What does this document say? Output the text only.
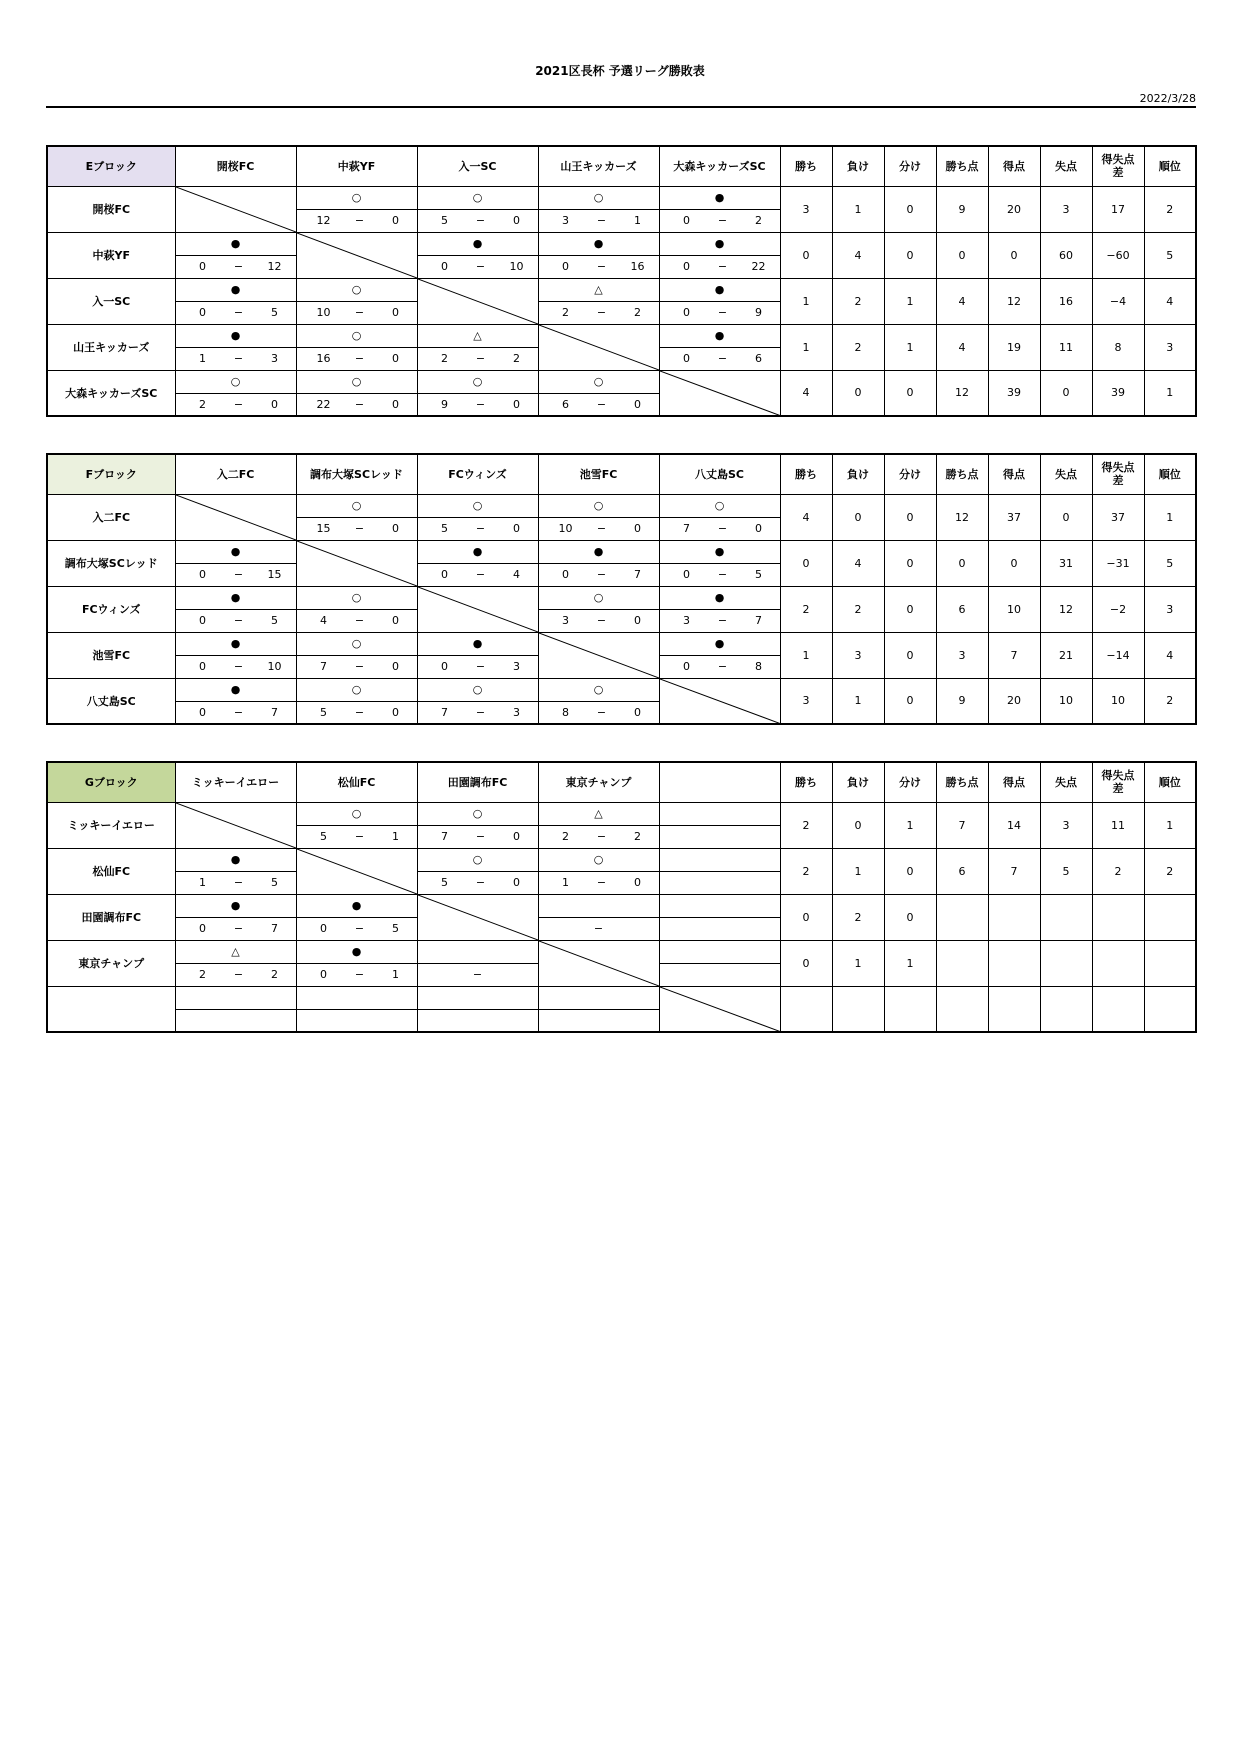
2021区長杯 予選リーグ勝敗表
2022/3/28
Eブロック	開桜FC	中萩YF	入一SC	山王キッカーズ	大森キッカーズSC	勝ち	負け	分け	勝ち点	得点	失点	得失点
差	順位
開桜FC		○	○	○	●	3	1	0	9	20	3	17	2

		12 − 0	5 − 0	3 − 1	0 − 2								

中萩YF	●		●	●	●	0	4	0	0	0	60	−60	5

	0 − 12		0 − 10	0 − 16	0 − 22								

入一SC	●	○		△	●	1	2	1	4	12	16	−4	4

	0 − 5	10 − 0		2 − 2	0 − 9								

山王キッカーズ	●	○	△		●	1	2	1	4	19	11	8	3

	1 − 3	16 − 0	2 − 2		0 − 6								

大森キッカーズSC	○	○	○	○		4	0	0	12	39	0	39	1

	2 − 0	22 − 0	9 − 0	6 − 0									
Fブロック	入二FC	調布大塚SCレッド	FCウィンズ	池雪FC	八丈島SC	勝ち	負け	分け	勝ち点	得点	失点	得失点
差	順位
入二FC		○	○	○	○	4	0	0	12	37	0	37	1

		15 − 0	5 − 0	10 − 0	7 − 0								

調布大塚SCレッド	●		●	●	●	0	4	0	0	0	31	−31	5

	0 − 15		0 − 4	0 − 7	0 − 5								

FCウィンズ	●	○		○	●	2	2	0	6	10	12	−2	3

	0 − 5	4 − 0		3 − 0	3 − 7								

池雪FC	●	○	●		●	1	3	0	3	7	21	−14	4

	0 − 10	7 − 0	0 − 3		0 − 8								

八丈島SC	●	○	○	○		3	1	0	9	20	10	10	2

	0 − 7	5 − 0	7 − 3	8 − 0									
Gブロック	ミッキーイエロー	松仙FC	田園調布FC	東京チャンプ		勝ち	負け	分け	勝ち点	得点	失点	得失点
差	順位
ミッキーイエロー		○	○	△		2	0	1	7	14	3	11	1

		5 − 1	7 − 0	2 − 2									

松仙FC	●		○	○		2	1	0	6	7	5	2	2

	1 − 5		5 − 0	1 − 0									

田園調布FC	●	●				0	2	0					

	0 − 7	0 − 5		−									
東京チャンプ	△	●				0	1	1					

	2 − 2	0 − 1	−										
